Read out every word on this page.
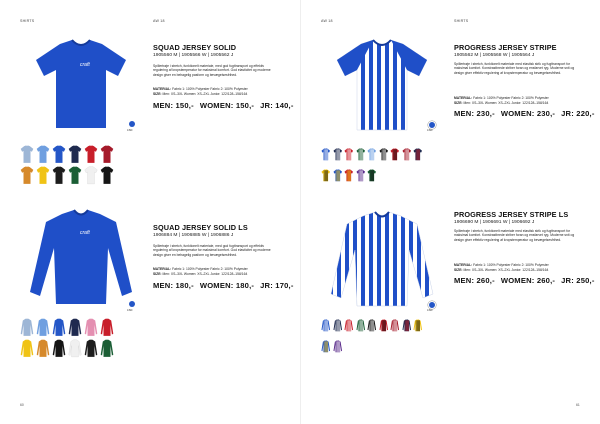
SHIRTS	AW 18
craft
1390
SQUAD JERSEY SOLID
1905560 M | 1905566 W | 1905562 J
Spillertrøje i stretch, funktionelt materiale, med god fugttransport og effektiv regulering af kropstemperatur for maksimal komfort. God elasticitet og moderne design giver en behagelig pasform og bevægelsesfrihed.
MATERIAL: Fabric 1: 100% Polyester Fabric 2: 100% Polyester
SIZE: Men: XS–3XL Women: XS–2XL Junior: 122/128–158/164
MEN: 150,- WOMEN: 150,- JR: 140,-
craft
1390
SQUAD JERSEY SOLID LS
1906884 M | 1906885 W | 1906886 J
Spillertrøje i stretch, funktionelt materiale, med god fugttransport og effektiv regulering af kropstemperatur for maksimal komfort. God elasticitet og moderne design giver en behagelig pasform og bevægelsesfrihed.
MATERIAL: Fabric 1: 100% Polyester Fabric 2: 100% Polyester
SIZE: Men: XS–3XL Women: XS–2XL Junior: 122/128–158/164
MEN: 180,- WOMEN: 180,- JR: 170,-
60
AW 18	SHIRTS
1390
PROGRESS JERSEY STRIPE
1905562 M | 1905568 W | 1905564 J
Spillertrøje i stretch, funktionelt materiale med elastisk strik og fugttransport for maksimal komfort. Konstrastbrede striber foran og ensfarvet ryg. Moderne snit og design giver effektiv regulering af kropstemperatur og bevægelsesfrihed.
MATERIAL: Fabric 1: 100% Polyester Fabric 2: 100% Polyester
SIZE: Men: XS–3XL Women: XS–2XL Junior: 122/128–158/164
MEN: 230,- WOMEN: 230,- JR: 220,-
1390
PROGRESS JERSEY STRIPE LS
1906690 M | 1906691 W | 1906692 J
Spillertrøje i stretch, funktionelt materiale med elastisk strik og fugttransport for maksimal komfort. Konstrastbrede striber foran og ensfarvet ryg. Moderne snit og design giver effektiv regulering af kropstemperatur og bevægelsesfrihed.
MATERIAL: Fabric 1: 100% Polyester Fabric 2: 100% Polyester
SIZE: Men: XS–3XL Women: XS–2XL Junior: 122/128–158/164
MEN: 260,- WOMEN: 260,- JR: 250,-
61
